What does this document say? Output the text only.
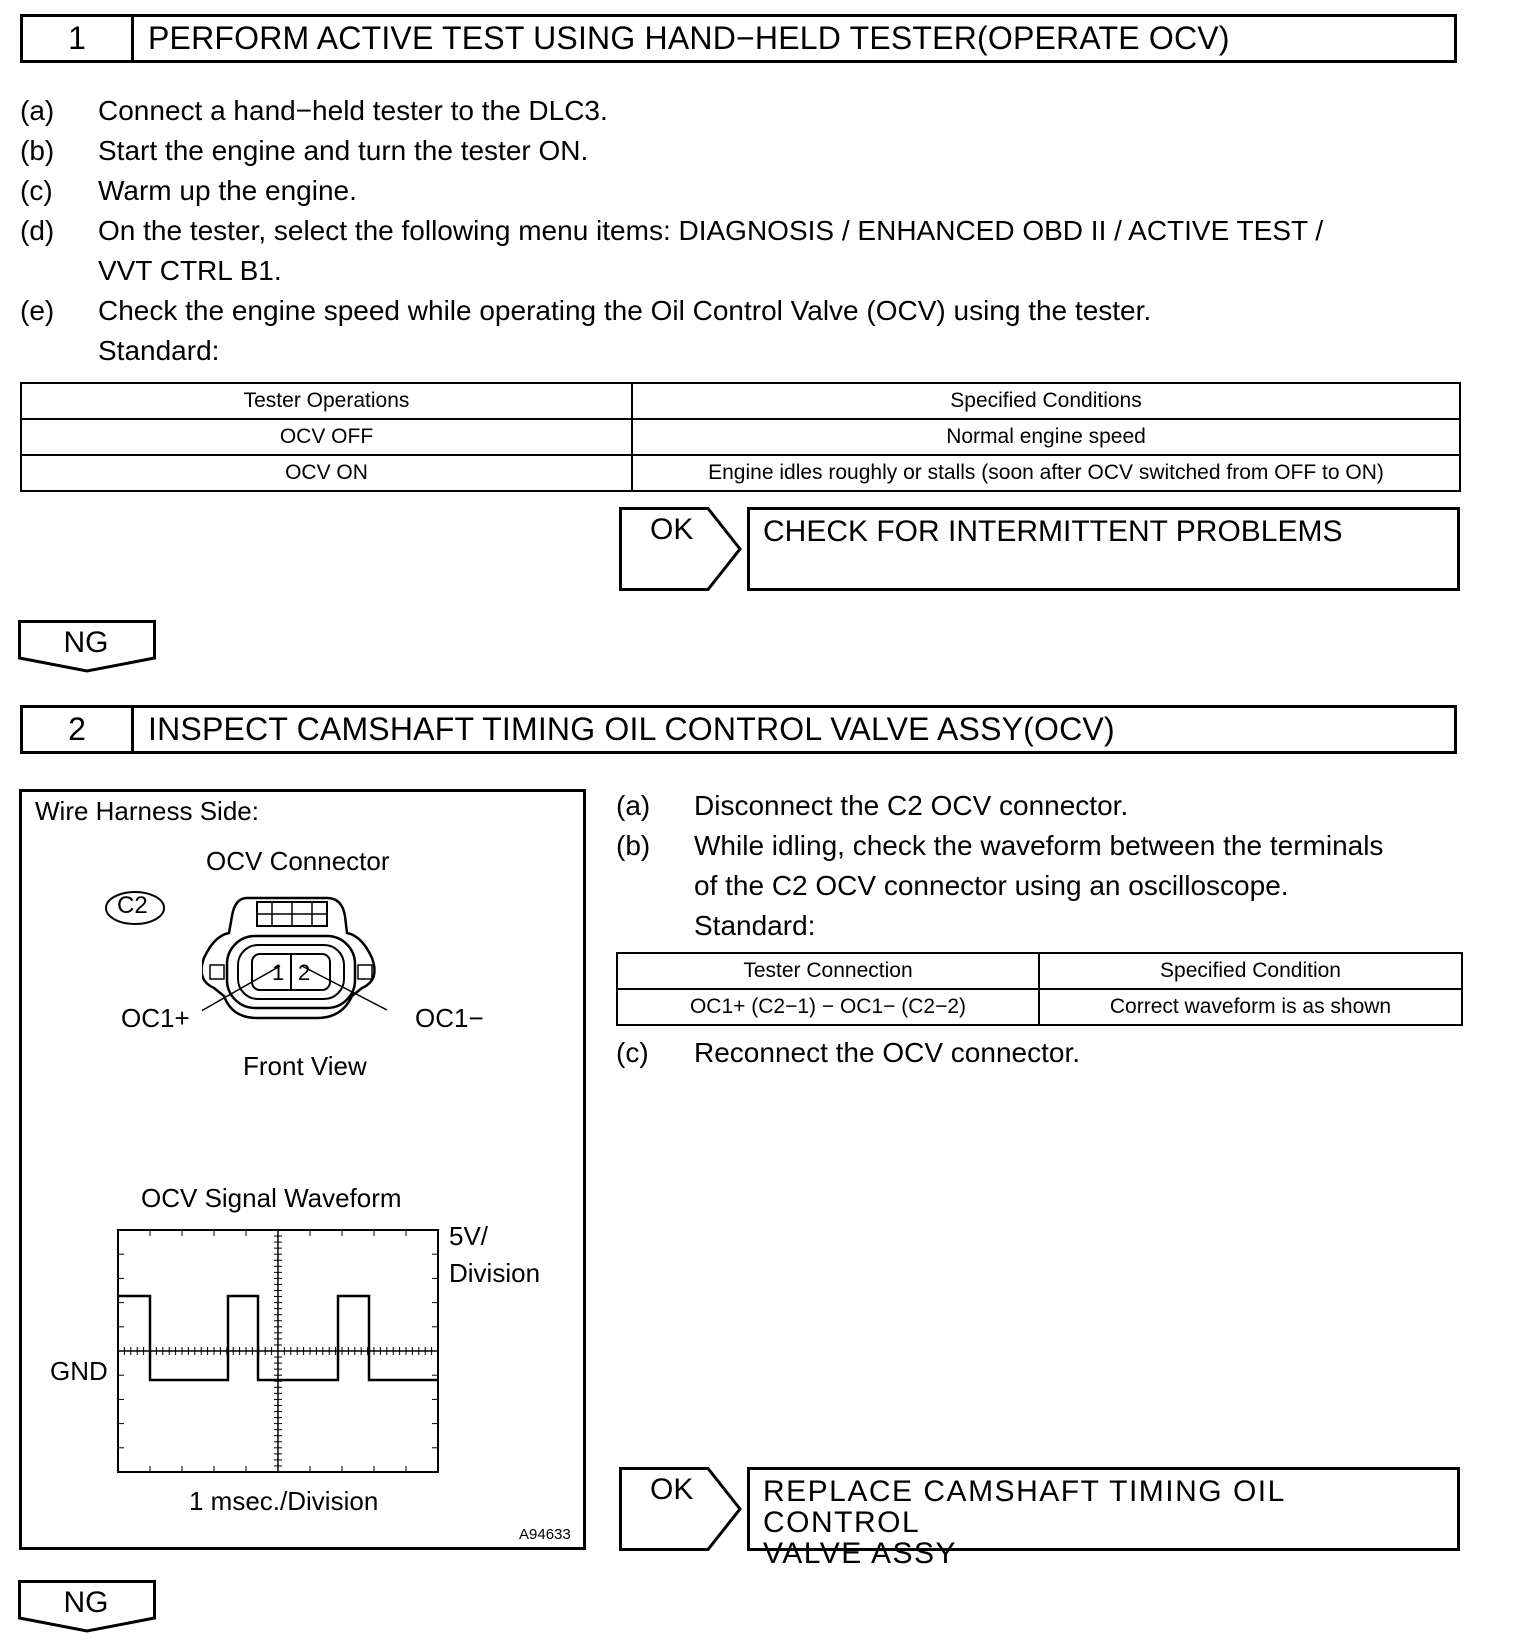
1	PERFORM ACTIVE TEST USING HAND−HELD TESTER(OPERATE OCV)
(a) Connect a hand−held tester to the DLC3.
(b) Start the engine and turn the tester ON.
(c) Warm up the engine.
(d) On the tester, select the following menu items: DIAGNOSIS / ENHANCED OBD II / ACTIVE TEST /
VVT CTRL B1.
(e) Check the engine speed while operating the Oil Control Valve (OCV) using the tester.
Standard:
Tester Operations	Specified Conditions
OCV OFF	Normal engine speed
OCV ON	Engine idles roughly or stalls (soon after OCV switched from OFF to ON)
OK	CHECK FOR INTERMITTENT PROBLEMS
NG
2	INSPECT CAMSHAFT TIMING OIL CONTROL VALVE ASSY(OCV)
Wire Harness Side:
OCV Connector
C2
1 2
OC1+	OC1−
Front View
OCV Signal Waveform
5V/
Division
GND
1 msec./Division
A94633
(a) Disconnect the C2 OCV connector.
(b) While idling, check the waveform between the terminals
of the C2 OCV connector using an oscilloscope.
Standard:
Tester Connection	Specified Condition
OC1+ (C2−1) − OC1− (C2−2)	Correct waveform is as shown
(c) Reconnect the OCV connector.
OK REPLACE CAMSHAFT TIMING OIL CONTROL
VALVE ASSY
NG
